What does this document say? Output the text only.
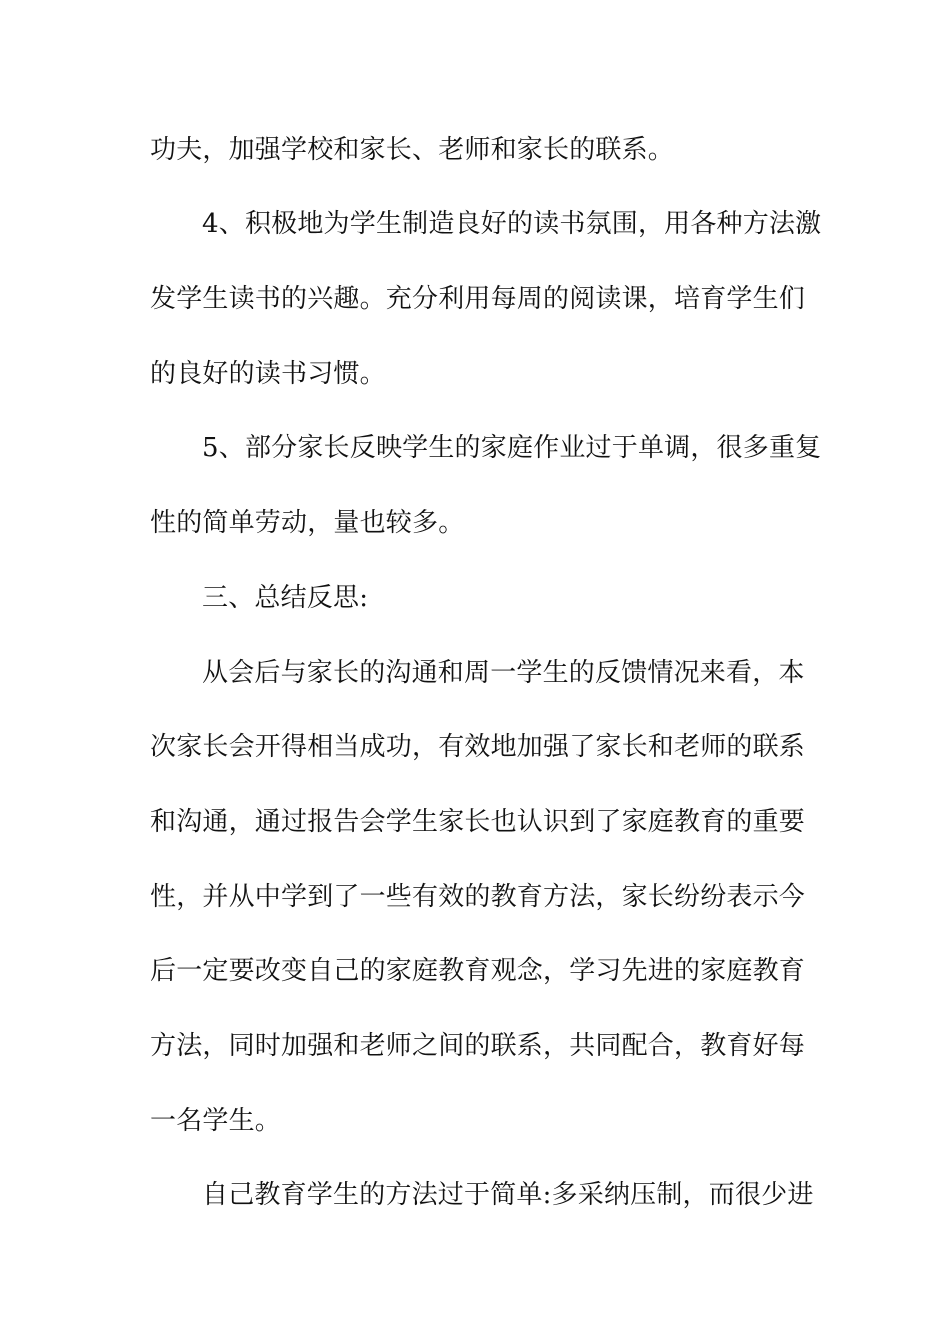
功夫，加强学校和家长、老师和家长的联系。
4、积极地为学生制造良好的读书氛围，用各种方法激
发学生读书的兴趣。充分利用每周的阅读课，培育学生们
的良好的读书习惯。
5、部分家长反映学生的家庭作业过于单调，很多重复
性的简单劳动，量也较多。
三、总结反思:
从会后与家长的沟通和周一学生的反馈情况来看，本
次家长会开得相当成功，有效地加强了家长和老师的联系
和沟通，通过报告会学生家长也认识到了家庭教育的重要
性，并从中学到了一些有效的教育方法，家长纷纷表示今
后一定要改变自己的家庭教育观念，学习先进的家庭教育
方法，同时加强和老师之间的联系，共同配合，教育好每
一名学生。
自己教育学生的方法过于简单:多采纳压制，而很少进
